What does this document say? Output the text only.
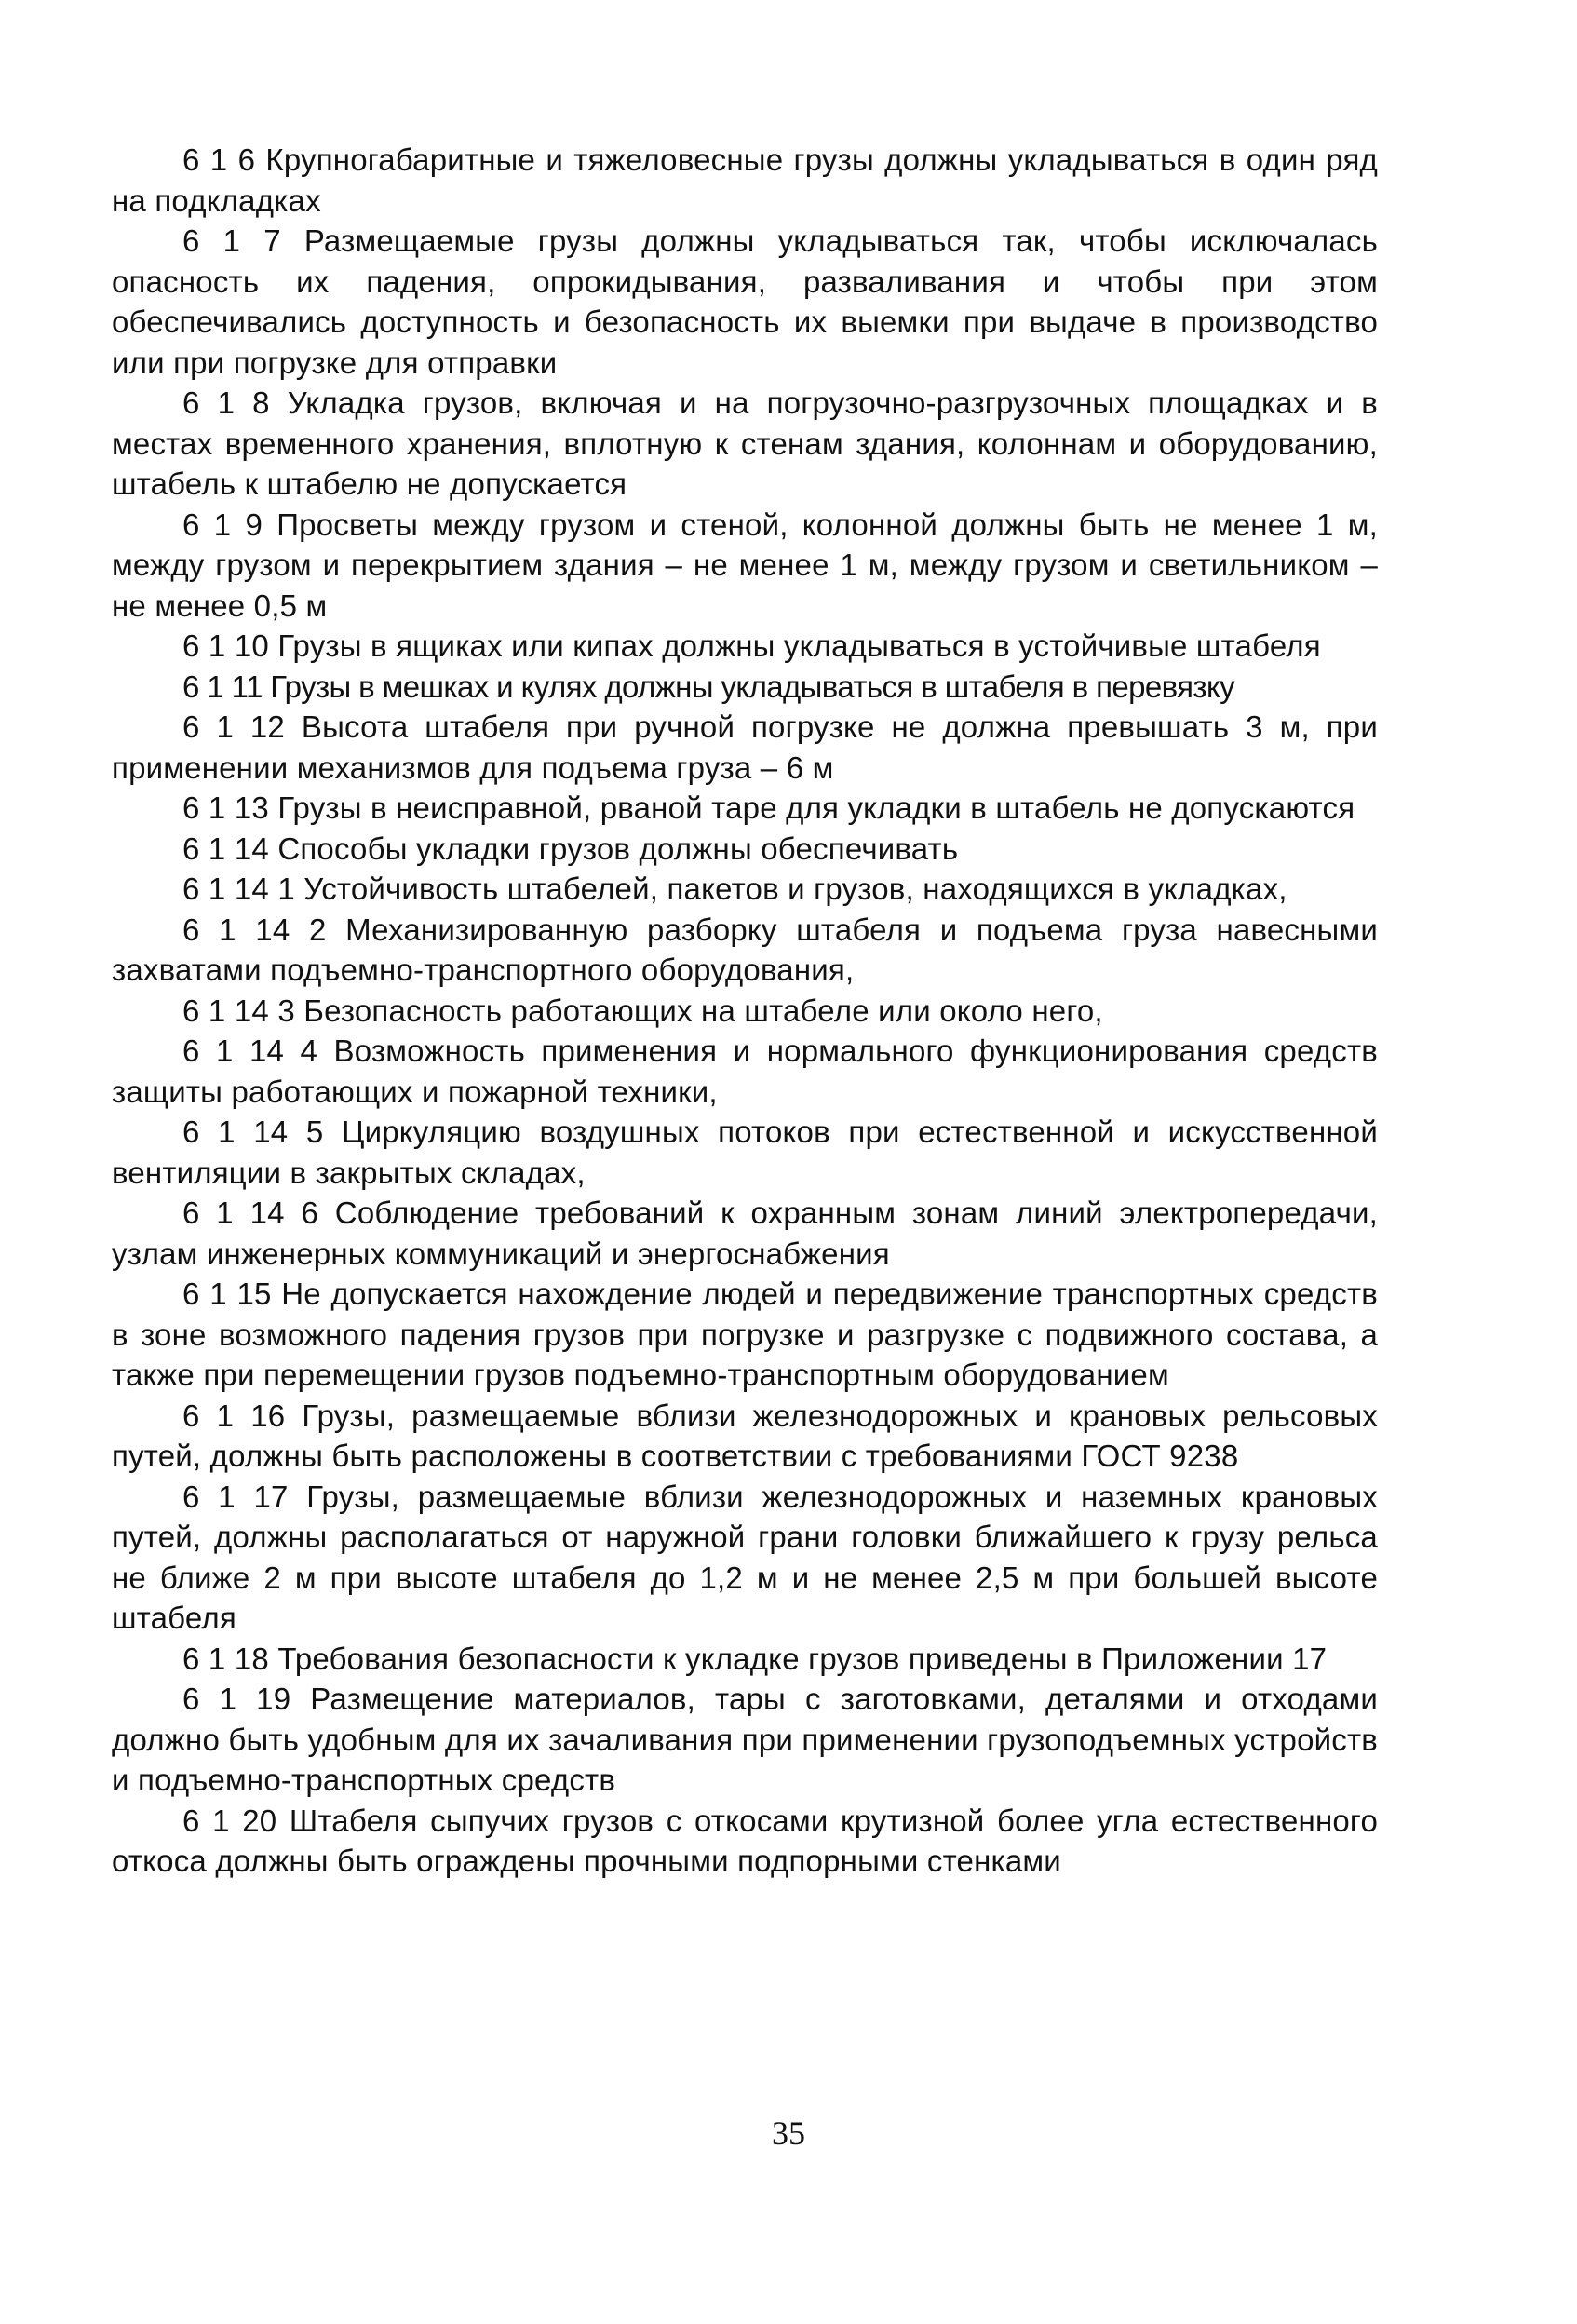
6 1 6 Крупногабаритные и тяжеловесные грузы должны укладываться в один ряд на подкладках

6 1 7 Размещаемые грузы должны укладываться так, чтобы исключалась опасность их падения, опрокидывания, разваливания и чтобы при этом обеспечивались доступность и безопасность их выемки при выдаче в производство или при погрузке для отправки

6 1 8 Укладка грузов, включая и на погрузочно-разгрузочных площадках и в местах временного хранения, вплотную к стенам здания, колоннам и оборудованию, штабель к штабелю не допускается

6 1 9 Просветы между грузом и стеной, колонной должны быть не менее 1 м, между грузом и перекрытием здания – не менее 1 м, между грузом и светильником – не менее 0,5 м

6 1 10 Грузы в ящиках или кипах должны укладываться в устойчивые штабеля

6 1 11 Грузы в мешках и кулях должны укладываться в штабеля в перевязку

6 1 12 Высота штабеля при ручной погрузке не должна превышать 3 м, при применении механизмов для подъема груза – 6 м

6 1 13 Грузы в неисправной, рваной таре для укладки в штабель не допускаются

6 1 14 Способы укладки грузов должны обеспечивать

6 1 14 1 Устойчивость штабелей, пакетов и грузов, находящихся в укладках,

6 1 14 2 Механизированную разборку штабеля и подъема груза навесными захватами подъемно-транспортного оборудования,

6 1 14 3 Безопасность работающих на штабеле или около него,

6 1 14 4 Возможность применения и нормального функционирования средств защиты работающих и пожарной техники,

6 1 14 5 Циркуляцию воздушных потоков при естественной и искусственной вентиляции в закрытых складах,

6 1 14 6 Соблюдение требований к охранным зонам линий электропередачи, узлам инженерных коммуникаций и энергоснабжения

6 1 15 Не допускается нахождение людей и передвижение транспортных средств в зоне возможного падения грузов при погрузке и разгрузке с подвижного состава, а также при перемещении грузов подъемно-транспортным оборудованием

6 1 16 Грузы, размещаемые вблизи железнодорожных и крановых рельсовых путей, должны быть расположены в соответствии с требованиями ГОСТ 9238

6 1 17 Грузы, размещаемые вблизи железнодорожных и наземных крановых путей, должны располагаться от наружной грани головки ближайшего к грузу рельса не ближе 2 м при высоте штабеля до 1,2 м и не менее 2,5 м при большей высоте штабеля

6 1 18 Требования безопасности к укладке грузов приведены в Приложении 17

6 1 19 Размещение материалов, тары с заготовками, деталями и отходами должно быть удобным для их зачаливания при применении грузоподъемных устройств и подъемно-транспортных средств

6 1 20 Штабеля сыпучих грузов с откосами крутизной более угла естественного откоса должны быть ограждены прочными подпорными стенками

35
